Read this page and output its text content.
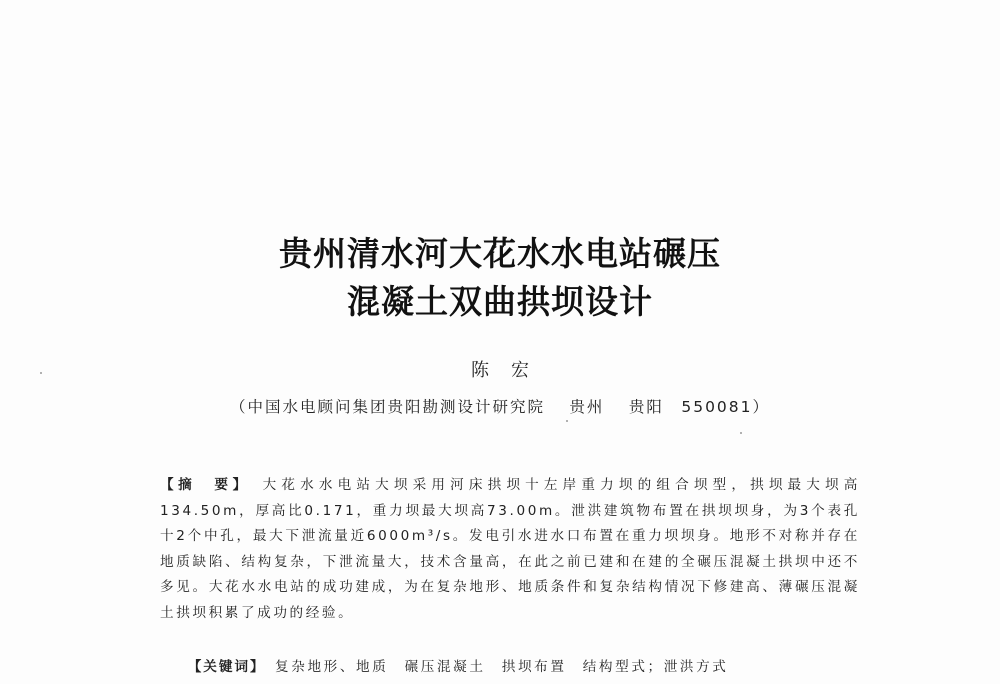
贵州清水河大花水水电站碾压
混凝土双曲拱坝设计
陈宏
（中国水电顾问集团贵阳勘测设计研究院　 贵州　 贵阳　550081）
【摘　要】　大花水水电站大坝采用河床拱坝十左岸重力坝的组合坝型，拱坝最大坝高134.50m，厚高比0.171，重力坝最大坝高73.00m。泄洪建筑物布置在拱坝坝身，为3个表孔十2个中孔，最大下泄流量近6000m³/s。发电引水进水口布置在重力坝坝身。地形不对称并存在地质缺陷、结构复杂，下泄流量大，技术含量高，在此之前已建和在建的全碾压混凝土拱坝中还不多见。大花水水电站的成功建成，为在复杂地形、地质条件和复杂结构情况下修建高、薄碾压混凝土拱坝积累了成功的经验。

【关键词】　复杂地形、地质　碾压混凝土　拱坝布置　结构型式；泄洪方式
